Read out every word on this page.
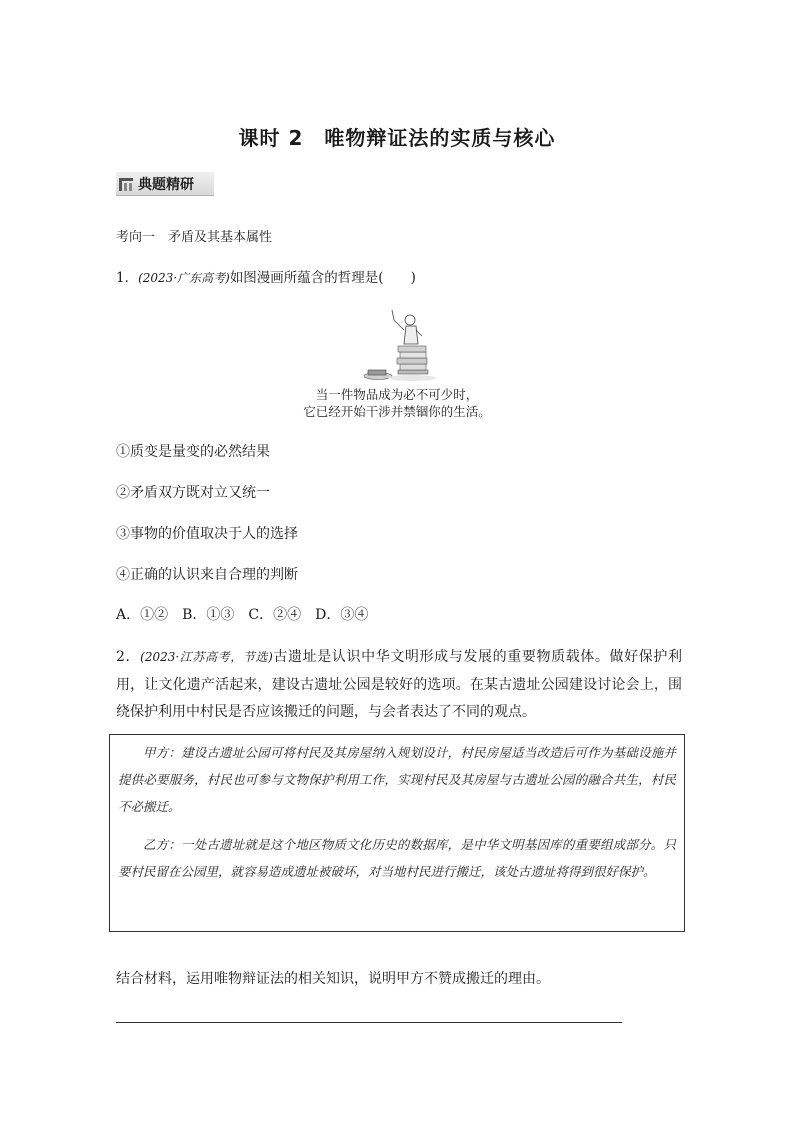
课时 2　唯物辩证法的实质与核心
典题精研
考向一　矛盾及其基本属性
1．(2023·广东高考)如图漫画所蕴含的哲理是(　　)
当一件物品成为必不可少时，
它已经开始干涉并禁锢你的生活。
①质变是量变的必然结果
②矛盾双方既对立又统一
③事物的价值取决于人的选择
④正确的认识来自合理的判断
A．①②　B．①③　C．②④　D．③④
2．(2023·江苏高考，节选)古遗址是认识中华文明形成与发展的重要物质载体。做好保护利用，让文化遗产活起来，建设古遗址公园是较好的选项。在某古遗址公园建设讨论会上，围绕保护利用中村民是否应该搬迁的问题，与会者表达了不同的观点。

甲方：建设古遗址公园可将村民及其房屋纳入规划设计，村民房屋适当改造后可作为基础设施并提供必要服务，村民也可参与文物保护利用工作，实现村民及其房屋与古遗址公园的融合共生，村民不必搬迁。

乙方：一处古遗址就是这个地区物质文化历史的数据库，是中华文明基因库的重要组成部分。只要村民留在公园里，就容易造成遗址被破坏，对当地村民进行搬迁，该处古遗址将得到很好保护。

结合材料，运用唯物辩证法的相关知识，说明甲方不赞成搬迁的理由。
